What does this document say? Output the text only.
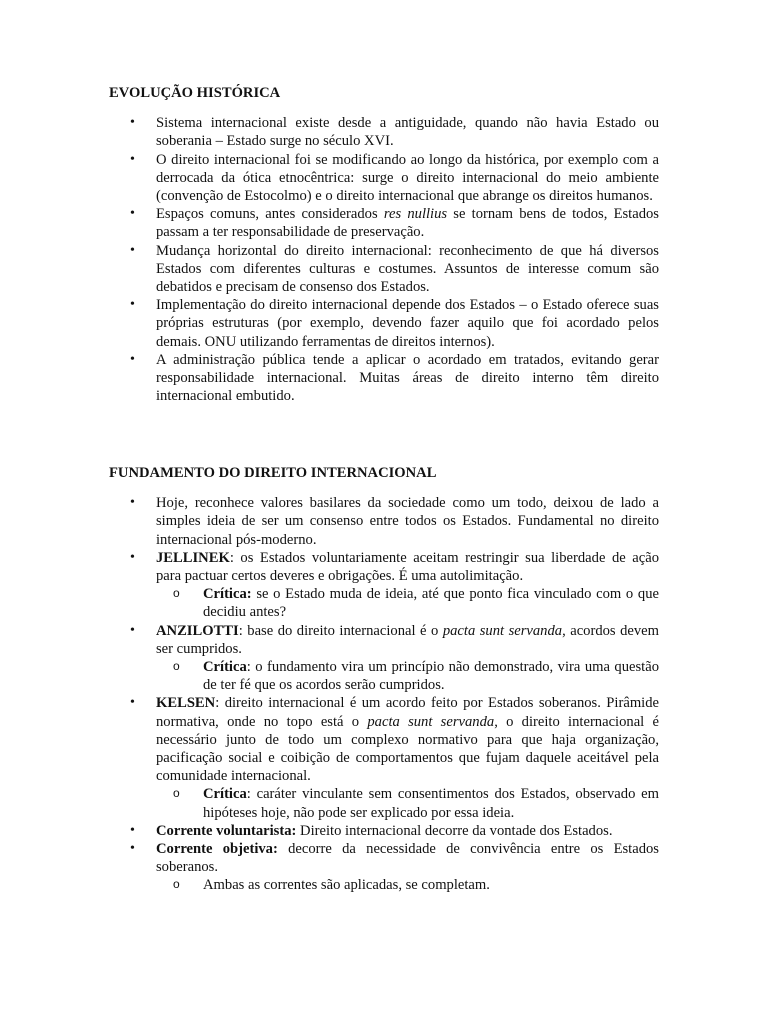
EVOLUÇÃO HISTÓRICA
• Sistema internacional existe desde a antiguidade, quando não havia Estado ou soberania – Estado surge no século XVI.
• O direito internacional foi se modificando ao longo da histórica, por exemplo com a derrocada da ótica etnocêntrica: surge o direito internacional do meio ambiente (convenção de Estocolmo) e o direito internacional que abrange os direitos humanos.
• Espaços comuns, antes considerados res nullius se tornam bens de todos, Estados passam a ter responsabilidade de preservação.
• Mudança horizontal do direito internacional: reconhecimento de que há diversos Estados com diferentes culturas e costumes. Assuntos de interesse comum são debatidos e precisam de consenso dos Estados.
• Implementação do direito internacional depende dos Estados – o Estado oferece suas próprias estruturas (por exemplo, devendo fazer aquilo que foi acordado pelos demais. ONU utilizando ferramentas de direitos internos).
• A administração pública tende a aplicar o acordado em tratados, evitando gerar responsabilidade internacional. Muitas áreas de direito interno têm direito internacional embutido.
FUNDAMENTO DO DIREITO INTERNACIONAL
• Hoje, reconhece valores basilares da sociedade como um todo, deixou de lado a simples ideia de ser um consenso entre todos os Estados. Fundamental no direito internacional pós-moderno.
• JELLINEK: os Estados voluntariamente aceitam restringir sua liberdade de ação para pactuar certos deveres e obrigações. É uma autolimitação.
o Crítica: se o Estado muda de ideia, até que ponto fica vinculado com o que decidiu antes?
• ANZILOTTI: base do direito internacional é o pacta sunt servanda, acordos devem ser cumpridos.
o Crítica: o fundamento vira um princípio não demonstrado, vira uma questão de ter fé que os acordos serão cumpridos.
• KELSEN: direito internacional é um acordo feito por Estados soberanos. Pirâmide normativa, onde no topo está o pacta sunt servanda, o direito internacional é necessário junto de todo um complexo normativo para que haja organização, pacificação social e coibição de comportamentos que fujam daquele aceitável pela comunidade internacional.
o Crítica: caráter vinculante sem consentimentos dos Estados, observado em hipóteses hoje, não pode ser explicado por essa ideia.
• Corrente voluntarista: Direito internacional decorre da vontade dos Estados.
• Corrente objetiva: decorre da necessidade de convivência entre os Estados soberanos.
o Ambas as correntes são aplicadas, se completam.
